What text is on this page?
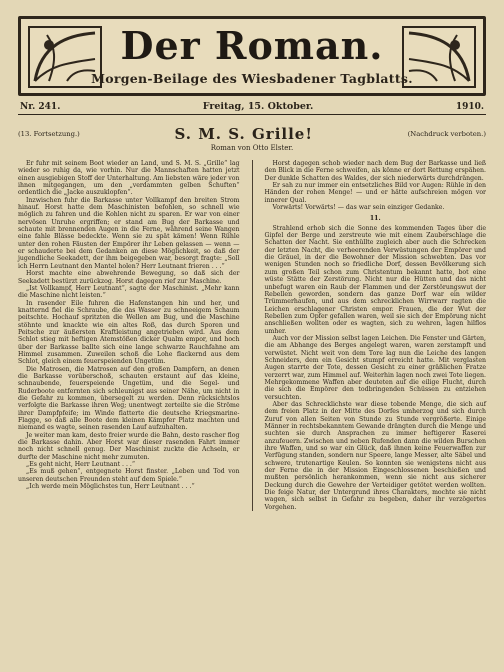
Der Roman.
Morgen-Beilage des Wiesbadener Tagblatts.
Nr. 241.	Freitag, 15. Oktober.	1910.
(13. Fortsetzung.)	S. M. S. Grille!	(Nachdruck verboten.)
Roman von Otto Elster.

Er fuhr mit seinem Boot wieder an Land, und S. M. S. „Grille“ lag wieder so ruhig da, wie vorhin. Nur die Mannschaften hatten jetzt einen ausgiebigen Stoff der Unterhaltung. Am liebsten wäre jeder von ihnen mitgegangen, um den „verdammten gelben Schuften“ ordentlich die „Jacke auszuklopfen“.

Inzwischen fuhr die Barkasse unter Vollkampf den breiten Strom hinauf. Horst hatte dem Maschinisten befohlen, so schnell wie möglich zu fahren und die Kohlen nicht zu sparen. Er war von einer nervösen Unruhe ergriffen; er stand am Bug der Barkasse und schaute mit brennenden Augen in die Ferne, während seine Wangen eine fahle Blässe bedeckte. Wenn sie zu spät kämen! Wenn Rühle unter den rohen Fäusten der Empörer ihr Leben gelassen — wenn — er schauderte bei dem Gedanken an diese Möglichkeit, so daß der jugendliche Seekadett, der ihm beigegeben war, besorgt fragte: „Soll ich Herrn Leutnant den Mantel holen? Herr Leutnant frieren . . .“

Horst machte eine abwehrende Bewegung, so daß sich der Seekadett bestürzt zurückzog. Horst dagegen rief zur Maschine.

„Ist Vollkampf, Herr Leutnant“, sagte der Maschinist. „Mehr kann die Maschine nicht leisten.“

In rasender Eile fuhren die Hafenstangen hin und her, und knatternd fiel die Schraube, die das Wasser zu schneeigem Schaum peitschte. Hochauf spritzten die Wellen am Bug, und die Maschine stöhnte und knackte wie ein altes Roß, das durch Sporen und Peitsche zur äußersten Kraftleistung angetrieben wird. Aus dem Schlot stieg mit heftigen Atemstößen dicker Qualm empor, und hoch über der Barkasse ballte sich eine lange schwarze Rauchfahne am Himmel zusammen. Zuweilen schoß die Lohe flackernd aus dem Schlot, gleich einem feuerspeienden Ungetüm.

Die Matrosen, die Matrosen auf den großen Dampfern, an denen die Barkasse vorüberschoß, schauten erstaunt auf das kleine, schnaubende, feuerspeiende Ungetüm, und die Segel- und Ruderboote entfernten sich schleunigst aus seiner Nähe, um nicht in die Gefahr zu kommen, übersegelt zu werden. Denn rücksichtslos verfolgte die Barkasse ihren Weg; unentwegt zerteilte sie die Ströme ihrer Dampfpfeife; im Winde flatterte die deutsche Kriegsmarine-Flagge, so daß alle Boote dem kleinen Kämpfer Platz machten und niemand es wagte, seinen rasenden Lauf aufzuhalten.

Je weiter man kam, desto freier wurde die Bahn, desto rascher flog die Barkasse dahin. Aber Horst war dieser rasenden Fahrt immer noch nicht schnell genug. Der Maschinist zuckte die Achseln, er durfte der Maschine nicht mehr zumuten.

„Es geht nicht, Herr Leutnant . . .“

„Es muß gehen“, entgegnete Horst finster. „Leben und Tod von unseren deutschen Freunden steht auf dem Spiele.“

„Ich werde mein Möglichstes tun, Herr Leutnant . . .“

Horst dagegen schob wieder nach dem Bug der Barkasse und ließ den Blick in die Ferne schweifen, als könne er dort Rettung erspähen. Der dunkle Schatten des Waldes, der sich niederwärts durchdrängen.

Er sah zu nur immer ein entsetzliches Bild vor Augen: Rühle in den Händen der rohen Menge! — und er hätte aufschreien mögen vor innerer Qual.

Vorwärts! Vorwärts! — das war sein einziger Gedanke.

11.

Strahlend erhob sich die Sonne des kommenden Tages über die Gipfel der Berge und zerstreute wie mit einem Zauberschlage die Schatten der Nacht. Sie enthüllte zugleich aber auch die Schrecken der letzten Nacht, die verheerenden Verwüstungen der Empörer und die Gräuel, in der die Bewohner der Mission schwebten. Das vor wenigen Stunden noch so friedliche Dorf, dessen Bevölkerung sich zum großen Teil schon zum Christentum bekannt hatte, bot eine wüste Stätte der Zerstörung. Nicht nur die Hütten und das nicht unbefugt waren ein Raub der Flammen und der Zerstörungswut der Rebellen geworden, sondern das ganze Dorf war ein wilder Trümmerhaufen, und aus dem schrecklichen Wirrwarr ragten die Leichen erschlagener Christen empor. Frauen, die der Wut der Rebellen zum Opfer gefallen waren, weil sie sich der Empörung nicht anschließen wollten oder es wagten, sich zu wehren, lagen hilflos umher.

Auch vor der Mission selbst lagen Leichen. Die Fenster und Gärten, die am Abhange des Berges angelegt waren, waren zerstampft und verwüstet. Nicht weit von dem Tore lag nun die Leiche des langen Schneiders, dem ein Gesicht stumpf erreicht hatte. Mit verglasten Augen starrte der Tote, dessen Gesicht zu einer gräßlichen Fratze verzerrt war, zum Himmel auf. Weiterhin lagen noch zwei Tote liegen. Mehrgekommene Waffen aber deuteten auf die eilige Flucht, durch die sich die Empörer den todbringenden Schüssen zu entziehen versuchten.

Aber das Schrecklichste war diese tobende Menge, die sich auf dem freien Platz in der Mitte des Dorfes umherzog und sich durch Zuruf von allen Seiten von Stunde zu Stunde vergrößerte. Einige Männer in rechtsbekanntem Gewande drängten durch die Menge und suchten sie durch Ansprachen zu immer heftigerer Raserei anzufeuern. Zwischen und neben Rufenden dann die wilden Burschen ihre Waffen, und so war ein Glück, daß ihnen keine Feuerwaffen zur Verfügung standen, sondern nur Speere, lange Messer, alte Säbel und schwere, trutenartige Keulen. So konnten sie wenigstens nicht aus der Ferne die in der Mission Eingeschlossenen beschießen und mußten persönlich herankommen, wenn sie nicht aus sicherer Deckung durch die Gewehre der Verteidiger getötet werden wollten. Die feige Natur, der Untergrund ihres Charakters, mochte sie nicht wagen, sich selbst in Gefahr zu begeben, daher ihr verzögertes Vorgehen.
